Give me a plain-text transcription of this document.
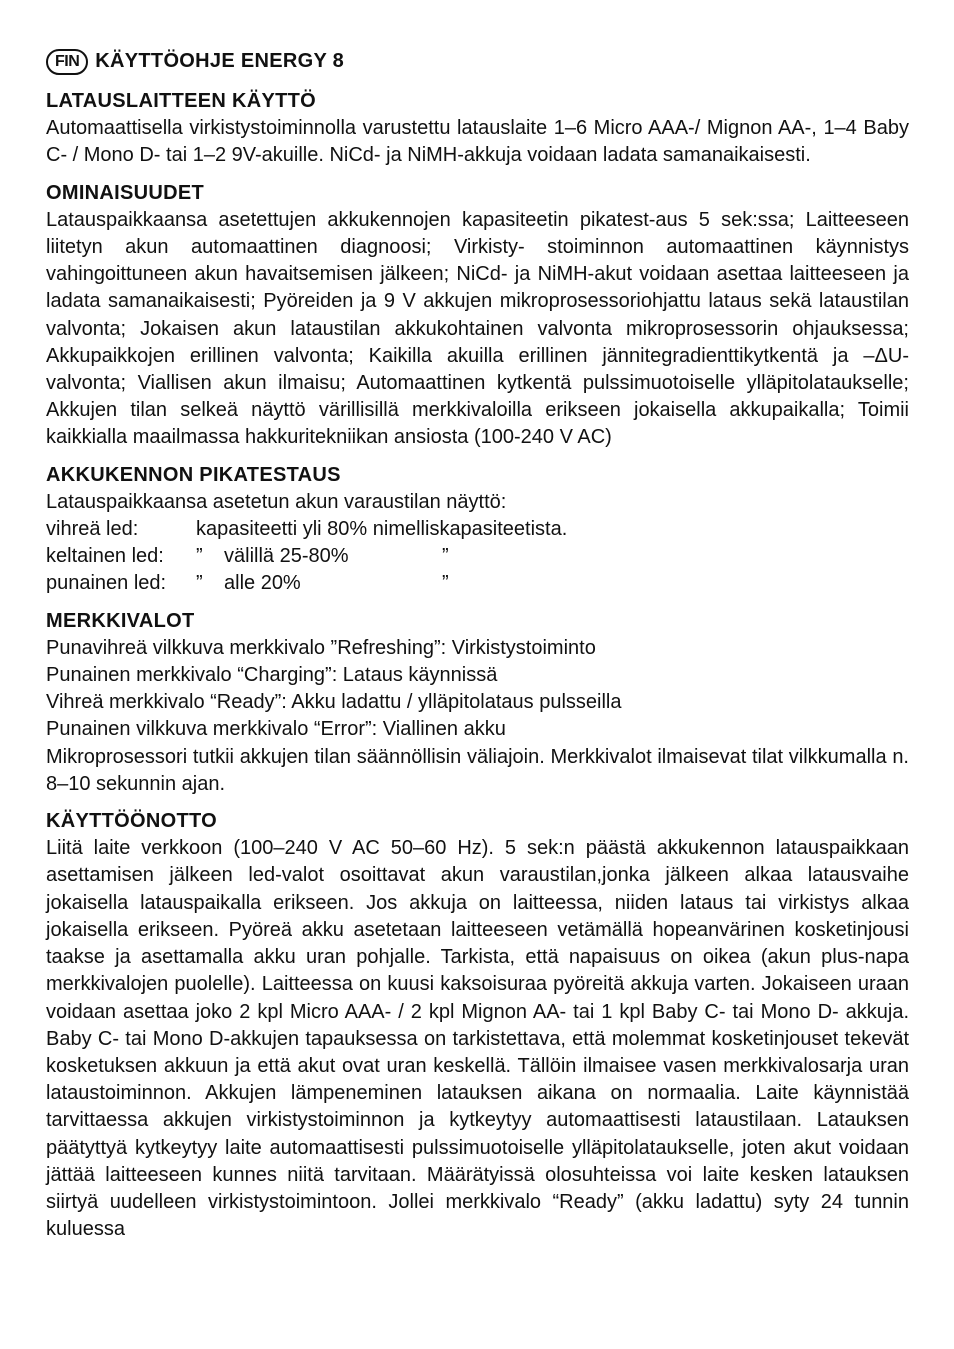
FIN KÄYTTÖOHJE ENERGY 8
LATAUSLAITTEEN KÄYTTÖ

Automaattisella virkistystoiminnolla varustettu latauslaite 1–6 Micro AAA-/ Mignon AA-, 1–4 Baby C- / Mono D- tai 1–2 9V-akuille. NiCd- ja NiMH-akkuja voidaan ladata samanaikaisesti.

OMINAISUUDET

Latauspaikkaansa asetettujen akkukennojen kapasiteetin pikatest-aus 5 sek:ssa; Laitteeseen liitetyn akun automaattinen diagnoosi; Virkisty- stoiminnon automaattinen käynnistys vahingoittuneen akun havaitsemisen jälkeen; NiCd- ja NiMH-akut voidaan asettaa laitteeseen ja ladata samanaikaisesti; Pyöreiden ja 9 V akkujen mikroprosessoriohjattu lataus sekä lataustilan valvonta; Jokaisen akun lataustilan akkukohtainen valvonta mikroprosessorin ohjauksessa; Akkupaikkojen erillinen valvonta; Kaikilla akuilla erillinen jännitegradienttikytkentä ja –ΔU-valvonta; Viallisen akun ilmaisu; Automaattinen kytkentä pulssimuotoiselle ylläpitolataukselle; Akkujen tilan selkeä näyttö värillisillä merkkivaloilla erikseen jokaisella akkupaikalla; Toimii kaikkialla maailmassa hakkuritekniikan ansiosta (100-240 V AC)

AKKUKENNON PIKATESTAUS

Latauspaikkaansa asetetun akun varaustilan näyttö:

vihreä led:	kapasiteetti yli 80% nimelliskapasiteetista.
keltainen led:	”	välillä 25-80%	”
punainen led:	”	alle 20%	”
MERKKIVALOT

Punavihreä vilkkuva merkkivalo ”Refreshing”: Virkistystoiminto

Punainen merkkivalo “Charging”: Lataus käynnissä

Vihreä merkkivalo “Ready”: Akku ladattu / ylläpitolataus pulsseilla

Punainen vilkkuva merkkivalo “Error”: Viallinen akku

Mikroprosessori tutkii akkujen tilan säännöllisin väliajoin. Merkkivalot ilmaisevat tilat vilkkumalla n. 8–10 sekunnin ajan.

KÄYTTÖÖNOTTO

Liitä laite verkkoon (100–240 V AC 50–60 Hz). 5 sek:n päästä akkukennon latauspaikkaan asettamisen jälkeen led-valot osoittavat akun varaustilan,jonka jälkeen alkaa latausvaihe jokaisella latauspaikalla erikseen. Jos akkuja on laitteessa, niiden lataus tai virkistys alkaa jokaisella erikseen. Pyöreä akku asetetaan laitteeseen vetämällä hopeanvärinen kosketinjousi taakse ja asettamalla akku uran pohjalle. Tarkista, että napaisuus on oikea (akun plus-napa merkkivalojen puolelle). Laitteessa on kuusi kaksoisuraa pyöreitä akkuja varten. Jokaiseen uraan voidaan asettaa joko 2 kpl Micro AAA- / 2 kpl Mignon AA- tai 1 kpl Baby C- tai Mono D- akkuja. Baby C- tai Mono D-akkujen tapauksessa on tarkistettava, että molemmat kosketinjouset tekevät kosketuksen akkuun ja että akut ovat uran keskellä. Tällöin ilmaisee vasen merkkivalosarja uran lataustoiminnon. Akkujen lämpeneminen latauksen aikana on normaalia. Laite käynnistää tarvittaessa akkujen virkistystoiminnon ja kytkeytyy automaattisesti lataustilaan. Latauksen päätyttyä kytkeytyy laite automaattisesti pulssimuotoiselle ylläpitolataukselle, joten akut voidaan jättää laitteeseen kunnes niitä tarvitaan. Määrätyissä olosuhteissa voi laite kesken latauksen siirtyä uudelleen virkistystoimintoon. Jollei merkkivalo “Ready” (akku ladattu) syty 24 tunnin kuluessa
